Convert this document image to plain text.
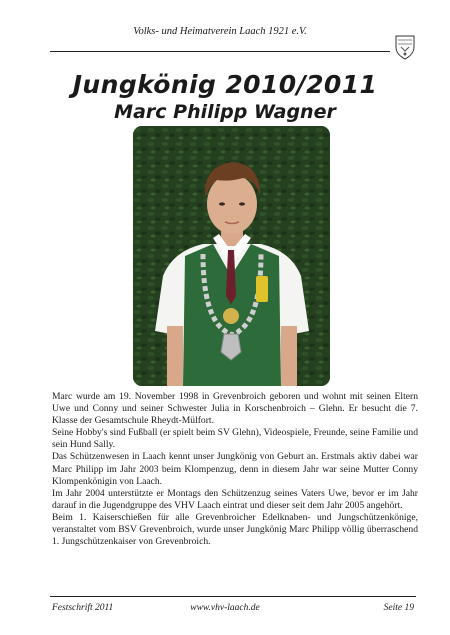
Volks- und Heimatverein Laach 1921 e.V.
Jungkönig 2010/2011
Marc Philipp Wagner

Marc wurde am 19. November 1998 in Grevenbroich geboren und wohnt mit seinen Eltern Uwe und Conny und seiner Schwester Julia in Korschenbroich – Glehn. Er besucht die 7. Klasse der Gesamtschule Rheydt-Mülfort.

Seine Hobby's sind Fußball (er spielt beim SV Glehn), Videospiele, Freunde, seine Familie und sein Hund Sally.

Das Schützenwesen in Laach kennt unser Jungkönig von Geburt an. Erstmals aktiv dabei war Marc Philipp im Jahr 2003 beim Klompenzug, denn in diesem Jahr war seine Mutter Conny Klompenkönigin von Laach.

Im Jahr 2004 unterstützte er Montags den Schützenzug seines Vaters Uwe, bevor er im Jahr darauf in die Jugendgruppe des VHV Laach eintrat und dieser seit dem Jahr 2005 angehört.

Beim 1. Kaiserschießen für alle Grevenbroicher Edelknaben- und Jungschützenkönige, veranstaltet vom BSV Grevenbroich, wurde unser Jungkönig Marc Philipp völlig überraschend 1. Jungschützenkaiser von Grevenbroich.

Festschrift 2011	www.vhv-laach.de	Seite 19
